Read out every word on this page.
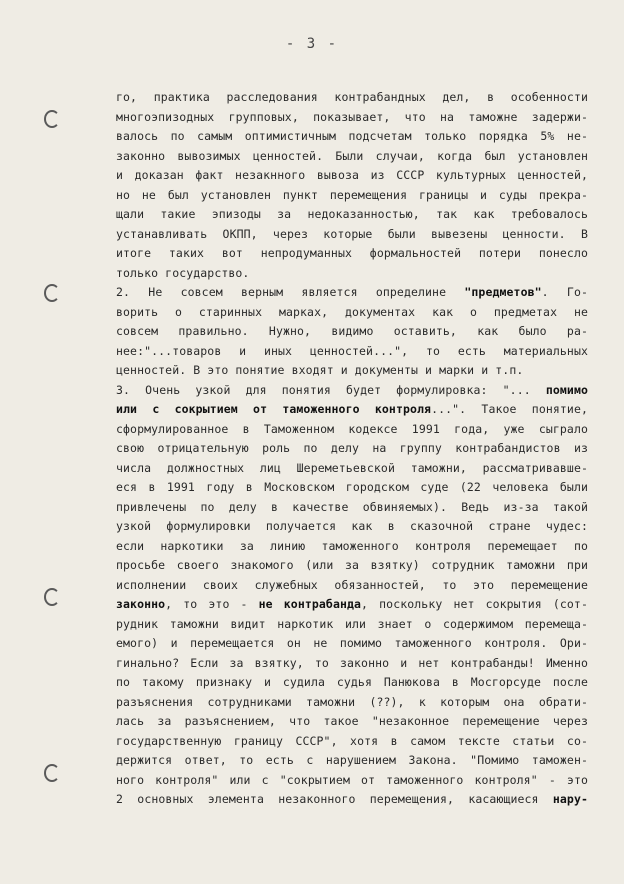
- 3 -
го, практика расследования контрабандных дел, в особенности
многоэпизодных групповых, показывает, что на таможне задержи-
валось по самым оптимистичным подсчетам только порядка 5% не-
законно вывозимых ценностей. Были случаи, когда был установлен
и доказан факт незакнного вывоза из СССР культурных ценностей,
но не был установлен пункт перемещения границы и суды прекра-
щали такие эпизоды за недоказанностью, так как требовалось
устанавливать ОКПП, через которые были вывезены ценности. В
итоге таких вот непродуманных формальностей потери понесло
только государство.
2. Не совсем верным является определине "предметов". Го-
ворить о старинных марках, документах как о предметах не
совсем правильно. Нужно, видимо оставить, как было ра-
нее:"...товаров и иных ценностей...", то есть материальных
ценностей. В это понятие входят и документы и марки и т.п.
3. Очень узкой для понятия будет формулировка: "... помимо
или с сокрытием от таможенного контроля...". Такое понятие,
сформулированное в Таможенном кодексе 1991 года, уже сыграло
свою отрицательную роль по делу на группу контрабандистов из
числа должностных лиц Шереметьевской таможни, рассматривавше-
еся в 1991 году в Московском городском суде (22 человека были
привлечены по делу в качестве обвиняемых). Ведь из-за такой
узкой формулировки получается как в сказочной стране чудес:
если наркотики за линию таможенного контроля перемещает по
просьбе своего знакомого (или за взятку) сотрудник таможни при
исполнении своих служебных обязанностей, то это перемещение
законно, то это - не контрабанда, поскольку нет сокрытия (сот-
рудник таможни видит наркотик или знает о содержимом перемеща-
емого) и перемещается он не помимо таможенного контроля. Ори-
гинально? Если за взятку, то законно и нет контрабанды! Именно
по такому признаку и судила судья Панюкова в Мосгорсуде после
разъяснения сотрудниками таможни (??), к которым она обрати-
лась за разъяснением, что такое "незаконное перемещение через
государственную границу СССР", хотя в самом тексте статьи со-
держится ответ, то есть с нарушением Закона. "Помимо таможен-
ного контроля" или с "сокрытием от таможенного контроля" - это
2 основных элемента незаконного перемещения, касающиеся нару-
